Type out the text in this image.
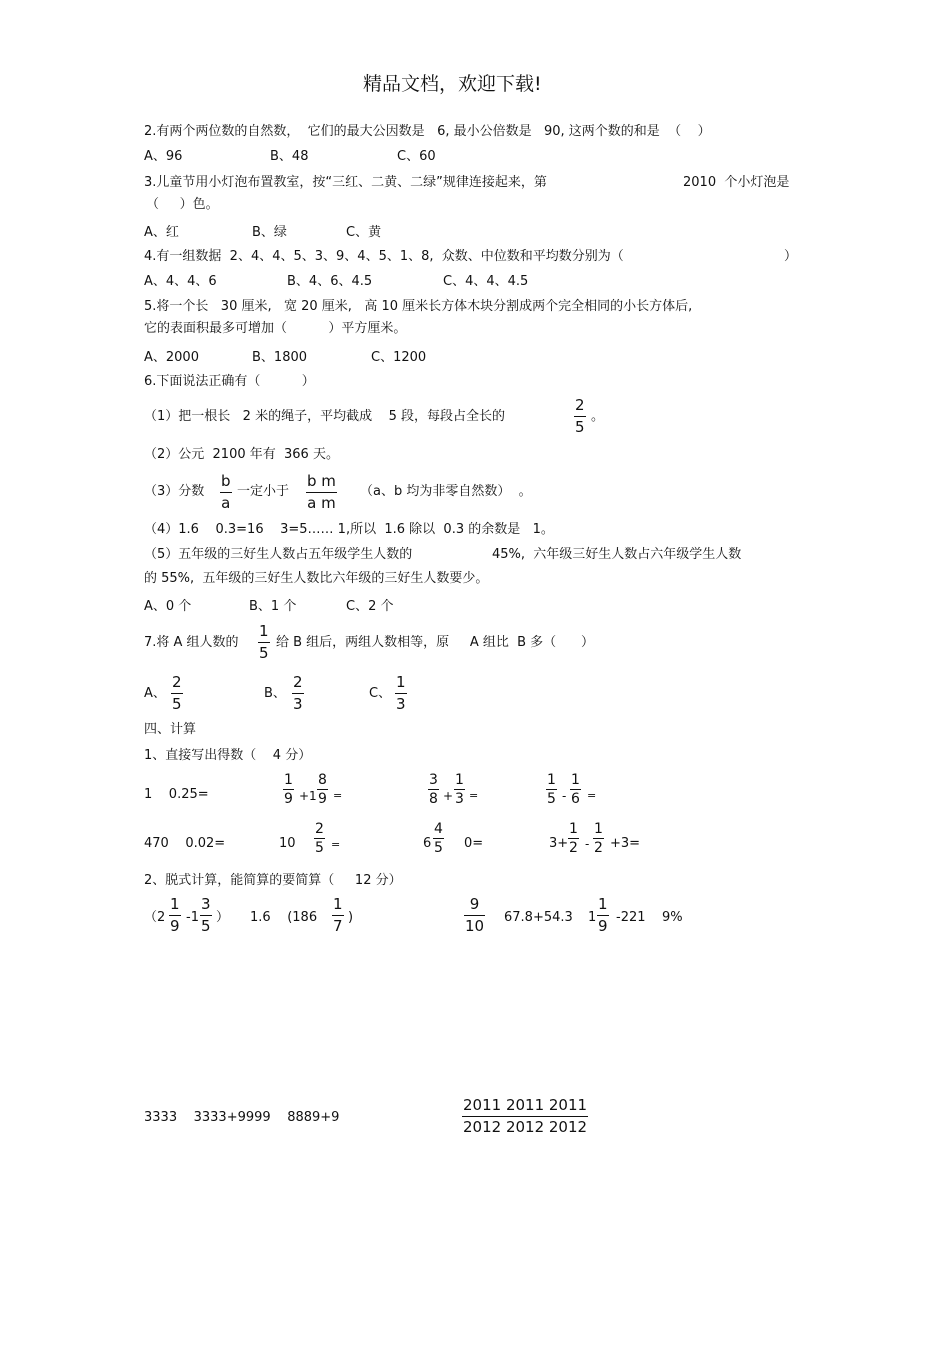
精品文档，欢迎下载!
2.有两个两位数的自然数，  它们的最大公因数是   6, 最小公倍数是   90, 这两个数的和是  （    ）
A、96	B、48	C、60
3.儿童节用小灯泡布置教室，按“三红、二黄、二绿”规律连接起来，第	2010  个小灯泡是
（     ）色。
A、红	B、绿	C、黄
4.有一组数据  2、4、4、5、3、9、4、5、1、8,  众数、中位数和平均数分别为（	）
A、4、4、6	B、4、6、4.5	C、4、4、4.5
5.将一个长   30 厘米,   宽 20 厘米,   高 10 厘米长方体木块分割成两个完全相同的小长方体后,
它的表面积最多可增加（          ）平方厘米。
A、2000	B、1800	C、1200
6.下面说法正确有（          ）
（1）把一根长   2 米的绳子，平均截成    5 段，每段占全长的
2
5
。
（2）公元  2100 年有  366 天。
（3）分数
b
a
一定小于
b m
a m
（a、b 均为非零自然数）  。
（4）1.6    0.3=16    3=5…… 1,所以  1.6 除以  0.3 的余数是   1。
（5）五年级的三好生人数占五年级学生人数的	45%,  六年级三好生人数占六年级学生人数
的 55%,  五年级的三好生人数比六年级的三好生人数要少。
A、0 个	B、1 个	C、2 个
7.将 A 组人数的
1
5
给 B 组后，两组人数相等，原     A 组比  B 多（      ）
A、
2
5
B、
2
3
C、
1
3
四、计算
1、直接写出得数（    4 分）
1    0.25=
1
9 +1
8
9 =
3
8 +
1
3 =
1
5 -
1
6 =
470    0.02=	10
2
5 =	6
4
5 0=	3+
1
2 -
1
2 +3=
2、脱式计算，能简算的要简算（     12 分）
（2
1
9 -1
3
5 ） 1.6    (186
1
7 )
9
10 67.8+54.3 1
1
9 -221    9%
3333    3333+9999    8889+9
2011 2011 2011
2012 2012 2012
